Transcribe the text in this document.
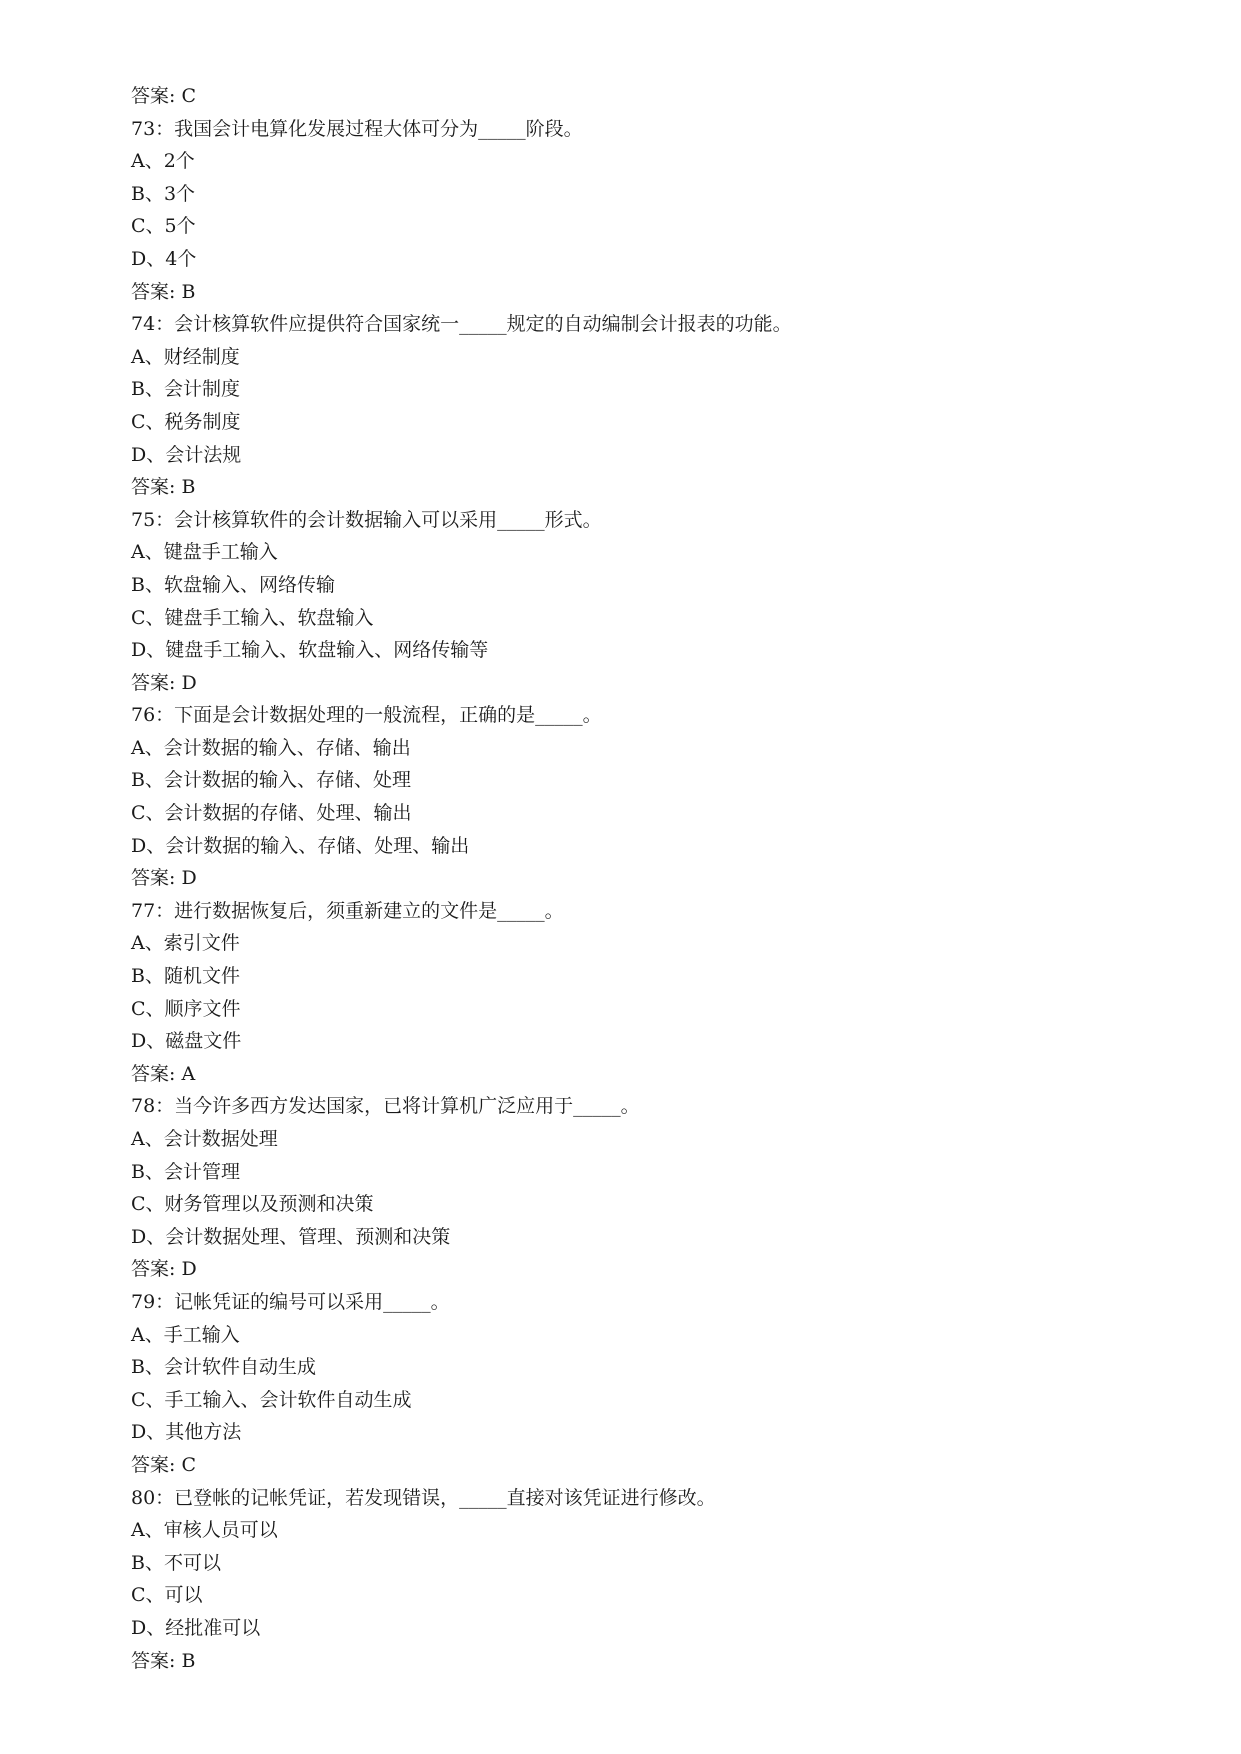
答案: C
73：我国会计电算化发展过程大体可分为_____阶段。
A、2个
B、3个
C、5个
D、4个
答案: B
74：会计核算软件应提供符合国家统一_____规定的自动编制会计报表的功能。
A、财经制度
B、会计制度
C、税务制度
D、会计法规
答案: B
75：会计核算软件的会计数据输入可以采用_____形式。
A、键盘手工输入
B、软盘输入、网络传输
C、键盘手工输入、软盘输入
D、键盘手工输入、软盘输入、网络传输等
答案: D
76：下面是会计数据处理的一般流程，正确的是_____。
A、会计数据的输入、存储、输出
B、会计数据的输入、存储、处理
C、会计数据的存储、处理、输出
D、会计数据的输入、存储、处理、输出
答案: D
77：进行数据恢复后，须重新建立的文件是_____。
A、索引文件
B、随机文件
C、顺序文件
D、磁盘文件
答案: A
78：当今许多西方发达国家，已将计算机广泛应用于_____。
A、会计数据处理
B、会计管理
C、财务管理以及预测和决策
D、会计数据处理、管理、预测和决策
答案: D
79：记帐凭证的编号可以采用_____。
A、手工输入
B、会计软件自动生成
C、手工输入、会计软件自动生成
D、其他方法
答案: C
80：已登帐的记帐凭证，若发现错误，_____直接对该凭证进行修改。
A、审核人员可以
B、不可以
C、可以
D、经批准可以
答案: B
